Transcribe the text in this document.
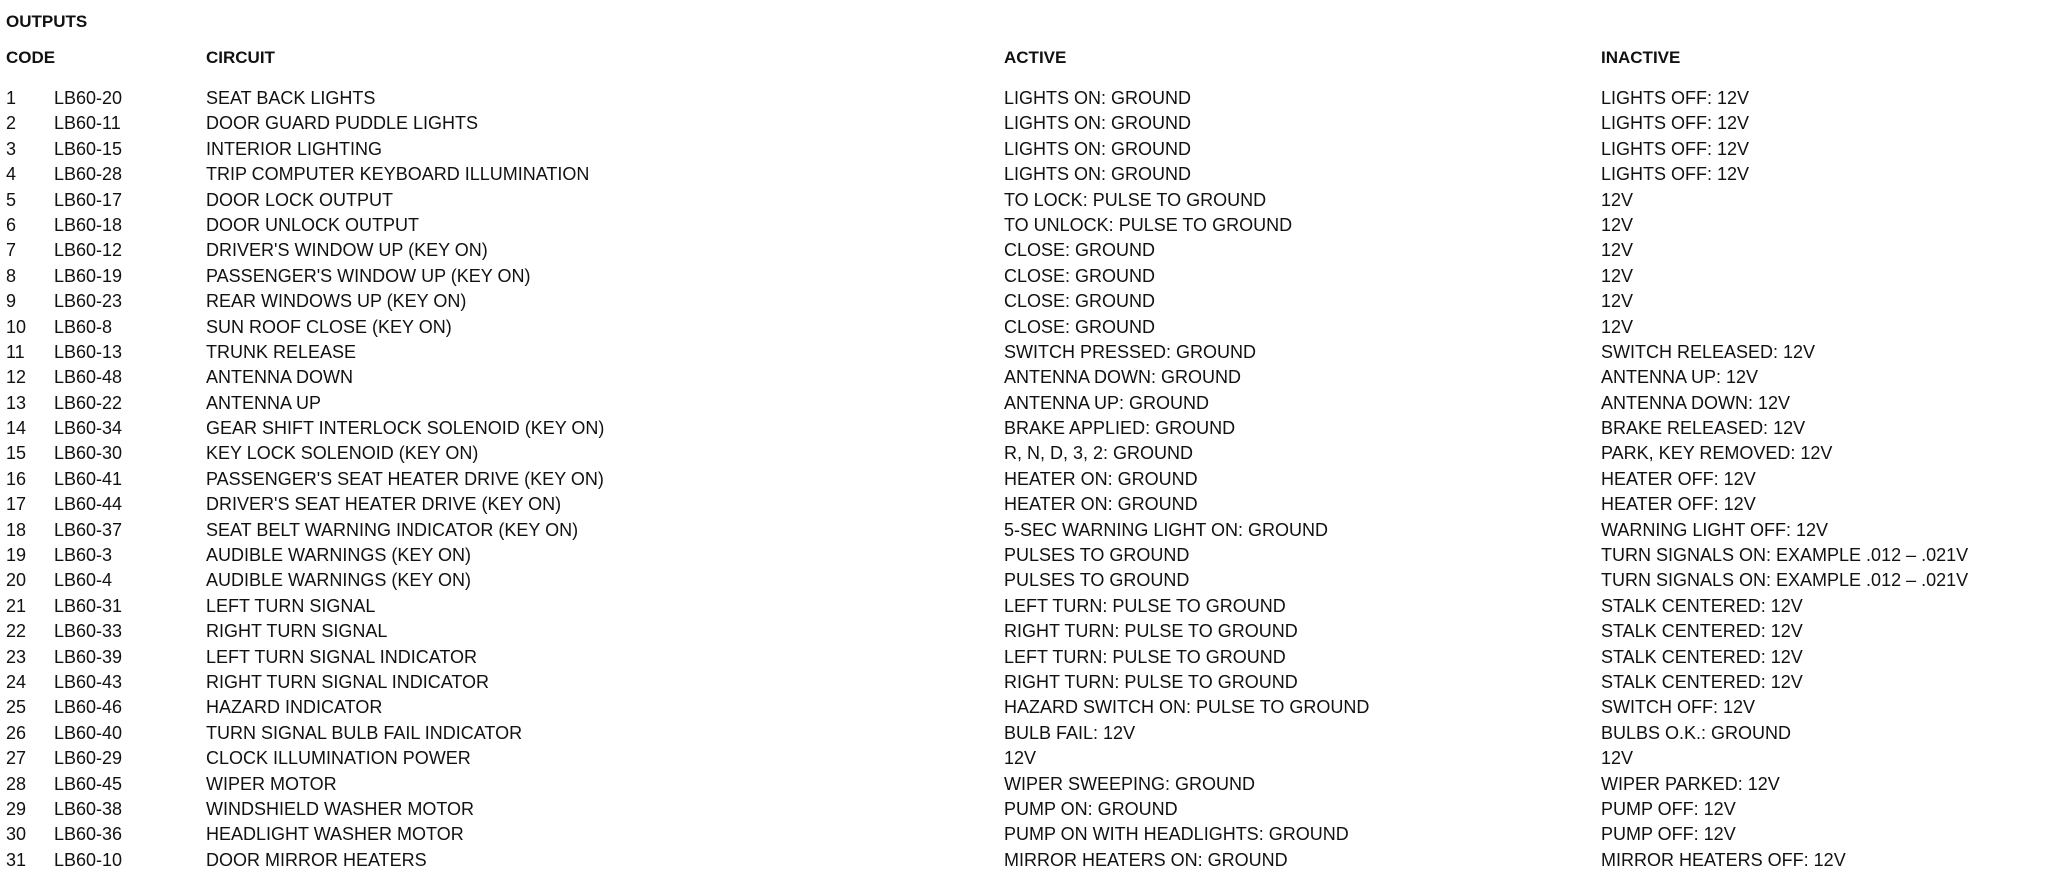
OUTPUTS
CODE	CIRCUIT	ACTIVE	INACTIVE
1 LB60-20	SEAT BACK LIGHTS	LIGHTS ON: GROUND	LIGHTS OFF: 12V
2 LB60-11	DOOR GUARD PUDDLE LIGHTS	LIGHTS ON: GROUND	LIGHTS OFF: 12V
3 LB60-15	INTERIOR LIGHTING	LIGHTS ON: GROUND	LIGHTS OFF: 12V
4 LB60-28	TRIP COMPUTER KEYBOARD ILLUMINATION	LIGHTS ON: GROUND	LIGHTS OFF: 12V
5 LB60-17	DOOR LOCK OUTPUT	TO LOCK: PULSE TO GROUND	12V
6 LB60-18	DOOR UNLOCK OUTPUT	TO UNLOCK: PULSE TO GROUND	12V
7 LB60-12	DRIVER'S WINDOW UP (KEY ON)	CLOSE: GROUND	12V
8 LB60-19	PASSENGER'S WINDOW UP (KEY ON)	CLOSE: GROUND	12V
9 LB60-23	REAR WINDOWS UP (KEY ON)	CLOSE: GROUND	12V
10 LB60-8	SUN ROOF CLOSE (KEY ON)	CLOSE: GROUND	12V
11 LB60-13	TRUNK RELEASE	SWITCH PRESSED: GROUND	SWITCH RELEASED: 12V
12 LB60-48	ANTENNA DOWN	ANTENNA DOWN: GROUND	ANTENNA UP: 12V
13 LB60-22	ANTENNA UP	ANTENNA UP: GROUND	ANTENNA DOWN: 12V
14 LB60-34	GEAR SHIFT INTERLOCK SOLENOID (KEY ON)	BRAKE APPLIED: GROUND	BRAKE RELEASED: 12V
15 LB60-30	KEY LOCK SOLENOID (KEY ON)	R, N, D, 3, 2: GROUND	PARK, KEY REMOVED: 12V
16 LB60-41	PASSENGER'S SEAT HEATER DRIVE (KEY ON)	HEATER ON: GROUND	HEATER OFF: 12V
17 LB60-44	DRIVER'S SEAT HEATER DRIVE (KEY ON)	HEATER ON: GROUND	HEATER OFF: 12V
18 LB60-37	SEAT BELT WARNING INDICATOR (KEY ON)	5-SEC WARNING LIGHT ON: GROUND	WARNING LIGHT OFF: 12V
19 LB60-3	AUDIBLE WARNINGS (KEY ON)	PULSES TO GROUND	TURN SIGNALS ON: EXAMPLE .012 – .021V
20 LB60-4	AUDIBLE WARNINGS (KEY ON)	PULSES TO GROUND	TURN SIGNALS ON: EXAMPLE .012 – .021V
21 LB60-31	LEFT TURN SIGNAL	LEFT TURN: PULSE TO GROUND	STALK CENTERED: 12V
22 LB60-33	RIGHT TURN SIGNAL	RIGHT TURN: PULSE TO GROUND	STALK CENTERED: 12V
23 LB60-39	LEFT TURN SIGNAL INDICATOR	LEFT TURN: PULSE TO GROUND	STALK CENTERED: 12V
24 LB60-43	RIGHT TURN SIGNAL INDICATOR	RIGHT TURN: PULSE TO GROUND	STALK CENTERED: 12V
25 LB60-46	HAZARD INDICATOR	HAZARD SWITCH ON: PULSE TO GROUND	SWITCH OFF: 12V
26 LB60-40	TURN SIGNAL BULB FAIL INDICATOR	BULB FAIL: 12V	BULBS O.K.: GROUND
27 LB60-29	CLOCK ILLUMINATION POWER	12V	12V
28 LB60-45	WIPER MOTOR	WIPER SWEEPING: GROUND	WIPER PARKED: 12V
29 LB60-38	WINDSHIELD WASHER MOTOR	PUMP ON: GROUND	PUMP OFF: 12V
30 LB60-36	HEADLIGHT WASHER MOTOR	PUMP ON WITH HEADLIGHTS: GROUND	PUMP OFF: 12V
31 LB60-10	DOOR MIRROR HEATERS	MIRROR HEATERS ON: GROUND	MIRROR HEATERS OFF: 12V
